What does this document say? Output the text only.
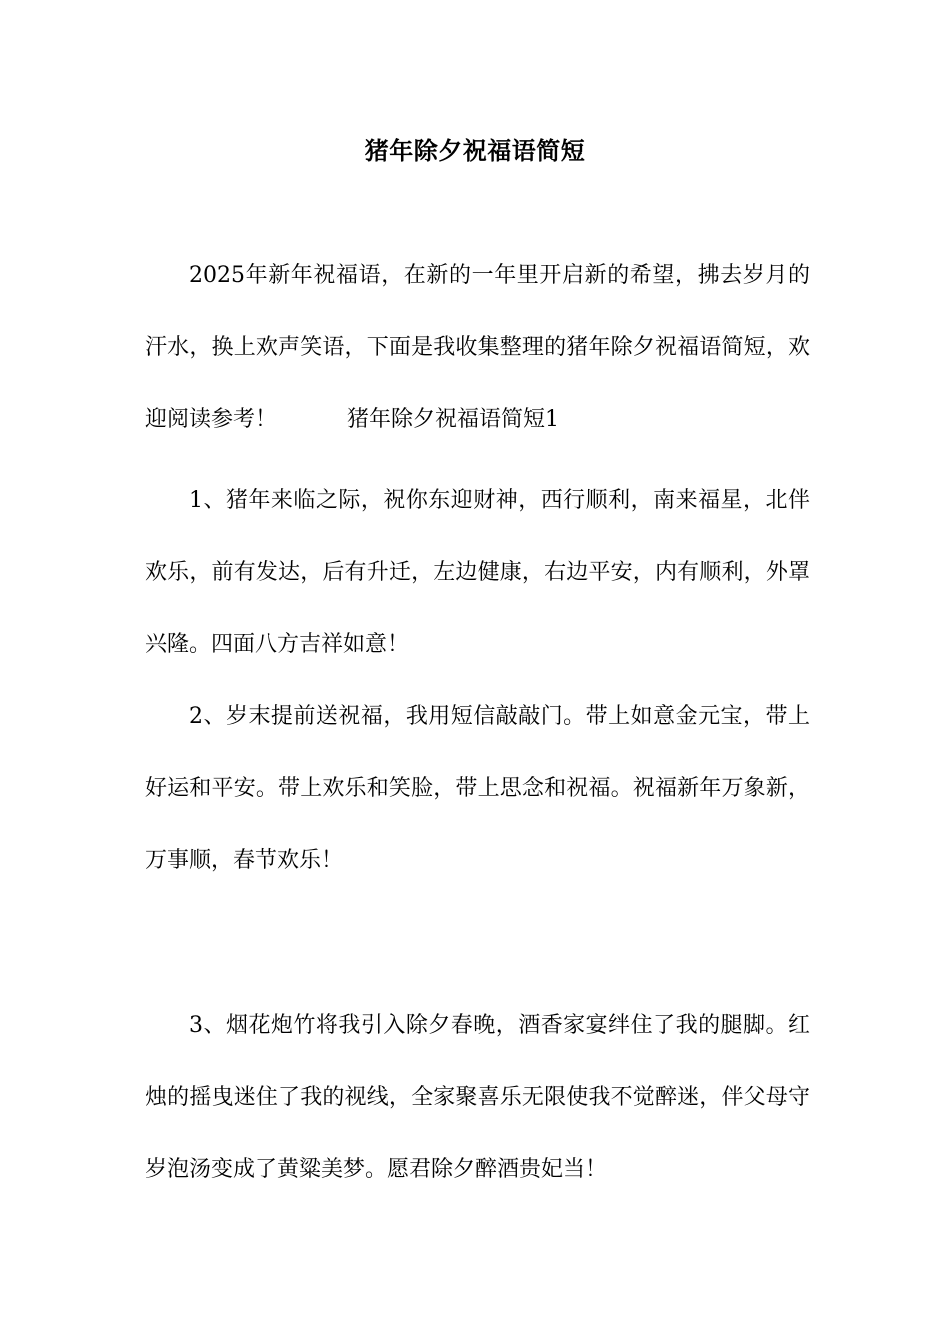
猪年除夕祝福语简短

2025年新年祝福语，在新的一年里开启新的希望，拂去岁月的汗水，换上欢声笑语，下面是我收集整理的猪年除夕祝福语简短，欢迎阅读参考！	猪年除夕祝福语简短1

1、猪年来临之际，祝你东迎财神，西行顺利，南来福星，北伴欢乐，前有发达，后有升迁，左边健康，右边平安，内有顺利，外罩兴隆。四面八方吉祥如意！

2、岁末提前送祝福，我用短信敲敲门。带上如意金元宝，带上好运和平安。带上欢乐和笑脸，带上思念和祝福。祝福新年万象新，万事顺，春节欢乐！

3、烟花炮竹将我引入除夕春晚，酒香家宴绊住了我的腿脚。红烛的摇曳迷住了我的视线，全家聚喜乐无限使我不觉醉迷，伴父母守岁泡汤变成了黄粱美梦。愿君除夕醉酒贵妃当！
